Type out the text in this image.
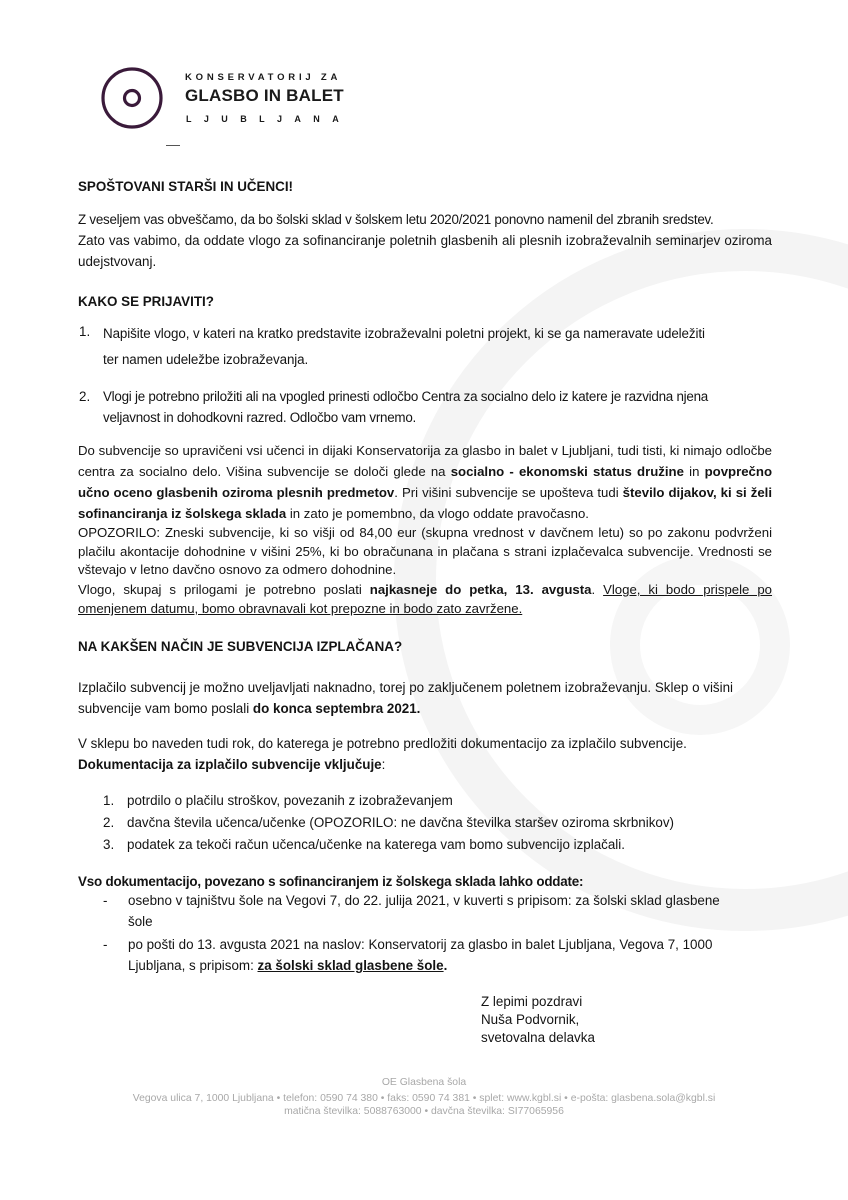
KONSERVATORIJ ZA
GLASBO IN BALET
LJUBLJANA
SPOŠTOVANI STARŠI IN UČENCI!
Z veseljem vas obveščamo, da bo šolski sklad v šolskem letu 2020/2021 ponovno namenil del zbranih sredstev.
Zato vas vabimo, da oddate vlogo za sofinanciranje poletnih glasbenih ali plesnih izobraževalnih seminarjev oziroma udejstvovanj.
KAKO SE PRIJAVITI?
1. Napišite vlogo, v kateri na kratko predstavite izobraževalni poletni projekt, ki se ga nameravate udeležiti
ter namen udeležbe izobraževanja.
2. Vlogi je potrebno priložiti ali na vpogled prinesti odločbo Centra za socialno delo iz katere je razvidna njena
veljavnost in dohodkovni razred. Odločbo vam vrnemo.
Do subvencije so upravičeni vsi učenci in dijaki Konservatorija za glasbo in balet v Ljubljani, tudi tisti, ki nimajo odločbe centra za socialno delo. Višina subvencije se določi glede na socialno - ekonomski status družine in povprečno učno oceno glasbenih oziroma plesnih predmetov. Pri višini subvencije se upošteva tudi število dijakov, ki si želi sofinanciranja iz šolskega sklada in zato je pomembno, da vlogo oddate pravočasno.
OPOZORILO: Zneski subvencije, ki so višji od 84,00 eur (skupna vrednost v davčnem letu) so po zakonu podvrženi plačilu akontacije dohodnine v višini 25%, ki bo obračunana in plačana s strani izplačevalca subvencije. Vrednosti se vštevajo v letno davčno osnovo za odmero dohodnine.
Vlogo, skupaj s prilogami je potrebno poslati najkasneje do petka, 13. avgusta. Vloge, ki bodo prispele po omenjenem datumu, bomo obravnavali kot prepozne in bodo zato zavržene.
NA KAKŠEN NAČIN JE SUBVENCIJA IZPLAČANA?
Izplačilo subvencij je možno uveljavljati naknadno, torej po zaključenem poletnem izobraževanju. Sklep o višini subvencije vam bomo poslali do konca septembra 2021.
V sklepu bo naveden tudi rok, do katerega je potrebno predložiti dokumentacijo za izplačilo subvencije.
Dokumentacija za izplačilo subvencije vključuje:
1. potrdilo o plačilu stroškov, povezanih z izobraževanjem
2. davčna števila učenca/učenke (OPOZORILO: ne davčna številka staršev oziroma skrbnikov)
3. podatek za tekoči račun učenca/učenke na katerega vam bomo subvencijo izplačali.
Vso dokumentacijo, povezano s sofinanciranjem iz šolskega sklada lahko oddate:
- osebno v tajništvu šole na Vegovi 7, do 22. julija 2021, v kuverti s pripisom: za šolski sklad glasbene
šole
- po pošti do 13. avgusta 2021 na naslov: Konservatorij za glasbo in balet Ljubljana, Vegova 7, 1000
Ljubljana, s pripisom: za šolski sklad glasbene šole.
Z lepimi pozdravi
Nuša Podvornik,
svetovalna delavka
OE Glasbena šola
Vegova ulica 7, 1000 Ljubljana • telefon: 0590 74 380 • faks: 0590 74 381 • splet: www.kgbl.si • e-pošta: glasbena.sola@kgbl.si
matična številka: 5088763000 • davčna številka: SI77065956
